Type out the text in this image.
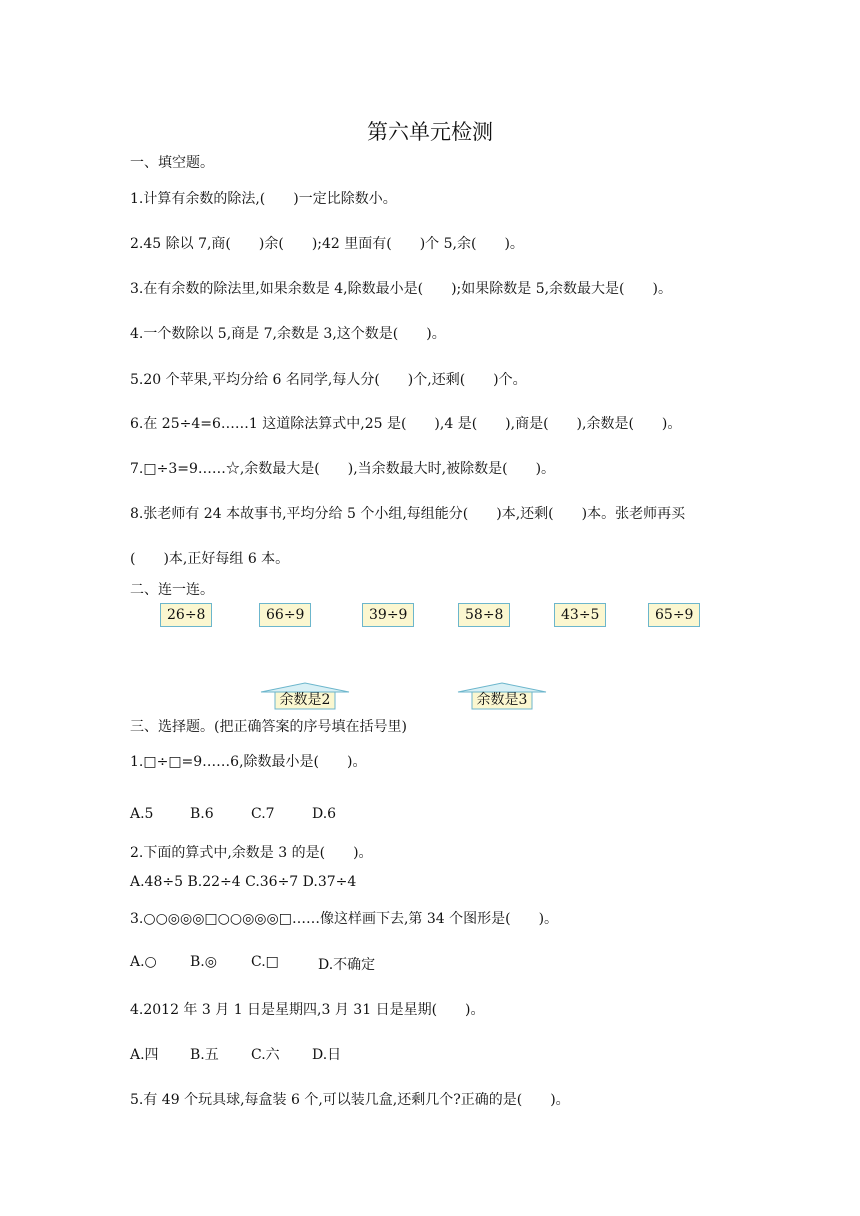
第六单元检测
一、填空题。
1.计算有余数的除法,(　　)一定比除数小。
2.45 除以 7,商(　　)余(　　);42 里面有(　　)个 5,余(　　)。
3.在有余数的除法里,如果余数是 4,除数最小是(　　);如果除数是 5,余数最大是(　　)。
4.一个数除以 5,商是 7,余数是 3,这个数是(　　)。
5.20 个苹果,平均分给 6 名同学,每人分(　　)个,还剩(　　)个。
6.在 25÷4=6……1 这道除法算式中,25 是(　　),4 是(　　),商是(　　),余数是(　　)。
7.□÷3=9……☆,余数最大是(　　),当余数最大时,被除数是(　　)。
8.张老师有 24 本故事书,平均分给 5 个小组,每组能分(　　)本,还剩(　　)本。张老师再买
(　　)本,正好每组 6 本。
二、连一连。
26÷8	66÷9	39÷9	58÷8	43÷5	65÷9
余数是2	余数是3
三、选择题。(把正确答案的序号填在括号里)
1.□÷□=9……6,除数最小是(　　)。
A.5	B.6	C.7	D.6
2.下面的算式中,余数是 3 的是(　　)。
A.48÷5 B.22÷4 C.36÷7 D.37÷4
3.○○◎◎◎□○○◎◎◎□……像这样画下去,第 34 个图形是(　　)。
A.○ B.◎ C.□	D.不确定
4.2012 年 3 月 1 日是星期四,3 月 31 日是星期(　　)。
A.四 B.五 C.六 D.日
5.有 49 个玩具球,每盒装 6 个,可以装几盒,还剩几个?正确的是(　　)。
